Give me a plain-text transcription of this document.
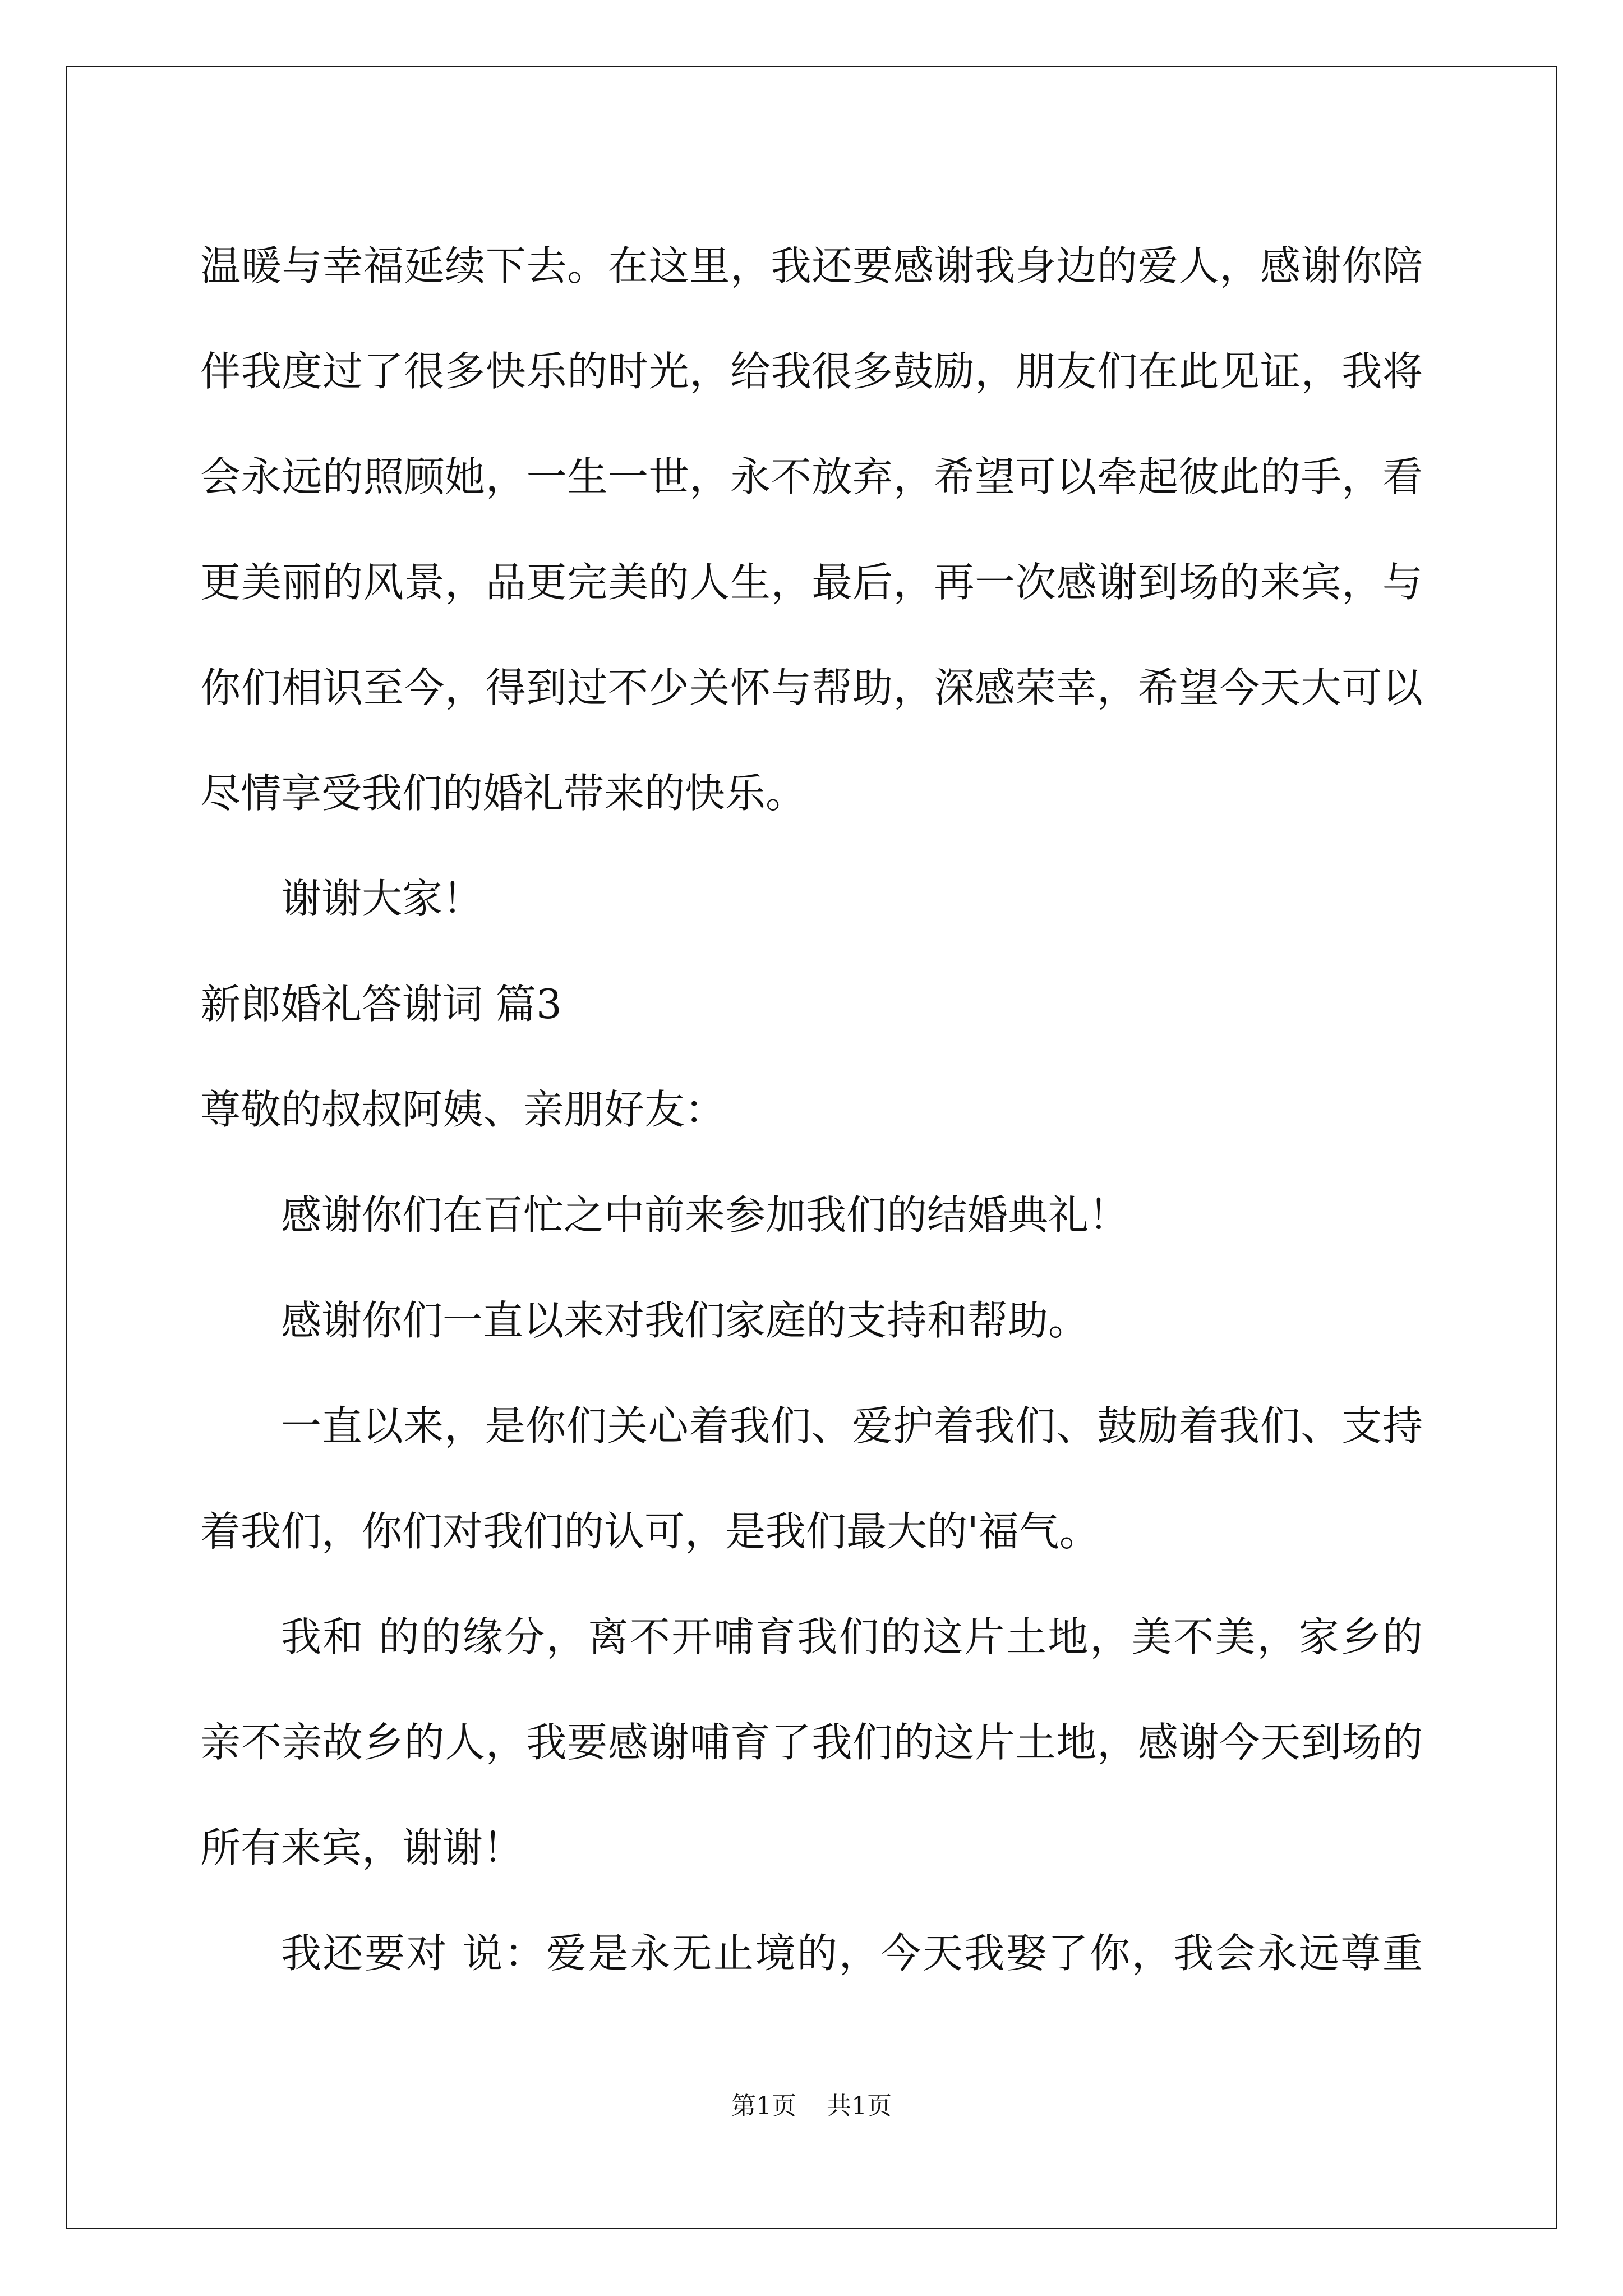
温暖与幸福延续下去。在这里，我还要感谢我身边的爱人，感谢你陪
伴我度过了很多快乐的时光，给我很多鼓励，朋友们在此见证，我将
会永远的照顾她，一生一世，永不放弃，希望可以牵起彼此的手，看
更美丽的风景，品更完美的人生，最后，再一次感谢到场的来宾，与
你们相识至今，得到过不少关怀与帮助，深感荣幸，希望今天大可以
尽情享受我们的婚礼带来的快乐。
谢谢大家！
新郎婚礼答谢词 篇3
尊敬的叔叔阿姨、亲朋好友：
感谢你们在百忙之中前来参加我们的结婚典礼！
感谢你们一直以来对我们家庭的支持和帮助。
一直以来，是你们关心着我们、爱护着我们、鼓励着我们、支持
着我们，你们对我们的认可，是我们最大的'福气。
我和 的的缘分，离不开哺育我们的这片土地，美不美，家乡的
亲不亲故乡的人，我要感谢哺育了我们的这片土地，感谢今天到场的
所有来宾，谢谢！
我还要对 说：爱是永无止境的，今天我娶了你，我会永远尊重
第1页 共1页
